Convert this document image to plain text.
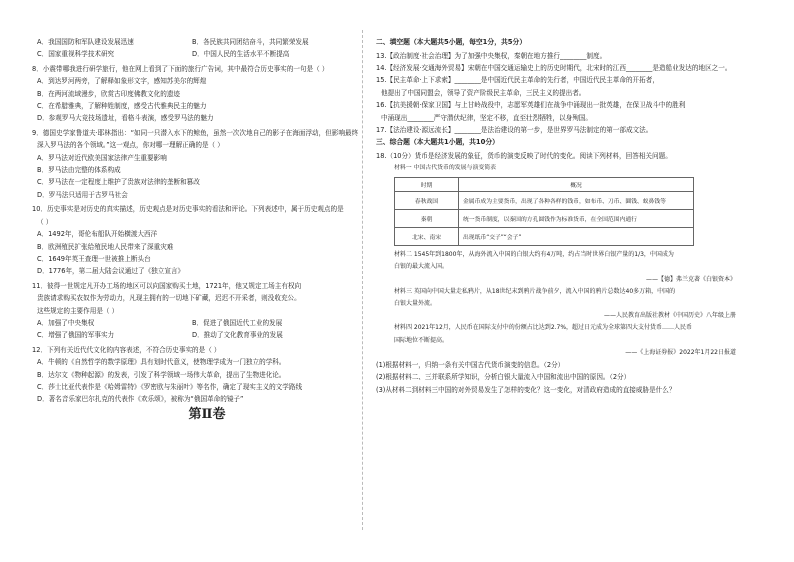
A．我国国防和军队建设发展迅速	B．各民族共同团结奋斗，共同繁荣发展
C．国家重视科学技术研究	D．中国人民的生活水平不断提高
8．小震带哪我进行研学旅行，他在网上看到了下面的旅行广告词，其中最符合历史事实的一句是（ ）
A．到达罗河两旁，了解释如象形文字，感知苏美尔的辉煌
B．在两河流域漫步，欣赏古印度佛教文化的遗迹
C．在希腊雅典，了解种姓制度，感受古代雅典民主的魅力
D．参观罗马大竞技场遗址，看格斗表演，感受罗马法的魅力
9．德国史学家鲁道夫·耶林指出：“如同一只潜入水下的鲸鱼，虽然一次次地自己的影子在海面浮动，但影响最终
深入罗马法的各个领域。”这一观点，你对哪一理解正确的是（ ）
A．罗马法对近代欧美国家法律产生重要影响
B．罗马法由完整的体系构成
C．罗马法在一定程度上维护了贵族对法律的垄断和篡改
D．罗马法只适用于古罗马社会
10．历史事实是对历史的真实描述，历史观点是对历史事实的看法和评论。下列表述中，属于历史观点的是
（ ）
A．1492年，哥伦布船队开始横渡大西洋
B．欧洲殖民扩张给殖民地人民带来了深重灾难
C．1649年英王查理一世被推上断头台
D．1776年，第二届大陆会议通过了《独立宣言》
11．彼得一世规定凡开办工场的地区可以向国家购买土地，1721年，他又规定工场主有权向
贵族请求购买农奴作为劳动力，凡现主拥有的一切地下矿藏，迟迟不开采者，则没收充公。
这些规定的主要作用是（ ）
A．加强了中央集权	B．促进了俄国近代工业的发展
C．增强了俄国的军事实力	D．推动了文化教育事业的发展
12．下列有关近代代文化的内容表述，不符合历史事实的是（ ）
A．牛顿的《自然哲学的数学原理》具有划时代意义，使物理学成为一门独立的学科。
B．达尔文《物种起源》的发表，引发了科学领域一场伟大革命，提出了生物进化论。
C．莎士比亚代表作是《哈姆雷特》《罗密欧与朱丽叶》等名作，确定了现实主义的文学路线
D．著名音乐家巴尔扎克的代表作《欢乐颂》，被称为“俄国革命的镜子”
第Ⅱ卷
二、填空题（本大题共5小题，每空1分，共5分）
13.【政治制度·社会治理】为了加强中央集权，秦朝在地方推行________制度。
14.【经济发展·交通海外贸易】宋朝在中国交通运输史上的历史时期代，北宋时的江西________是造船业发达的地区之一。
15.【民主革命·上下求索】________是中国近代民主革命的先行者，中国近代民主革命的开拓者，
他提出了中国同盟会，领导了资产阶级民主革命，三民主义的提出者。
16.【抗美援朝·保家卫国】与上甘岭战役中，志愿军英雄们在战争中涌现出一批英雄，在保卫战斗中的胜利
中涌现出________严守潜伏纪律，坚定不移，直至壮烈牺牲，以身殉国。
17.【法治建设·源远流长】________是法治建设的第一步，是世界罗马法制定的第一部成文法。
三、综合题（本大题共1小题，共10分）
18.（10分）货币是经济发展的象征，货币的演变反映了时代的变化。阅读下列材料，回答相关问题。
材料一 中国古代货币的发展与演变简表
时期	概况
春秋战国	金属币成为主要货币，出现了各种各样的钱币，如布币、刀币、圜钱、蚁鼻钱等
秦朝	统一货币制度，以秦国的方孔圆钱作为标准货币，在全国范围内通行
北宋、南宋	出现纸币“交子”“会子”
材料二 1545年到1800年，从海外流入中国的白银大约有4万吨，约占当时世界白银产量的1/3，中国成为
白银的最大流入国。
——【德】弗兰克著《白银资本》
材料三 英国向中国大量走私鸦片，从18世纪末到鸦片战争前夕，流入中国的鸦片总数达40多万箱，中国的
白银大量外流。
——人民教育出版社教材《中国历史》八年级上册
材料四 2021年12月，人民币在国际支付中的份额占比达到2.7%，超过日元成为全球第四大支付货币……人民币
国际地位不断提高。
——《上海证券报》2022年1月22日报道
(1)根据材料一，归纳一条有关中国古代货币演变的信息。（2分）
(2)根据材料二、三并联系所学知识，分析白银大量流入中国和流出中国的原因。（2分）
(3)从材料二到材料三中国的对外贸易发生了怎样的变化？这一变化，对清政府造成的直接威胁是什么？
